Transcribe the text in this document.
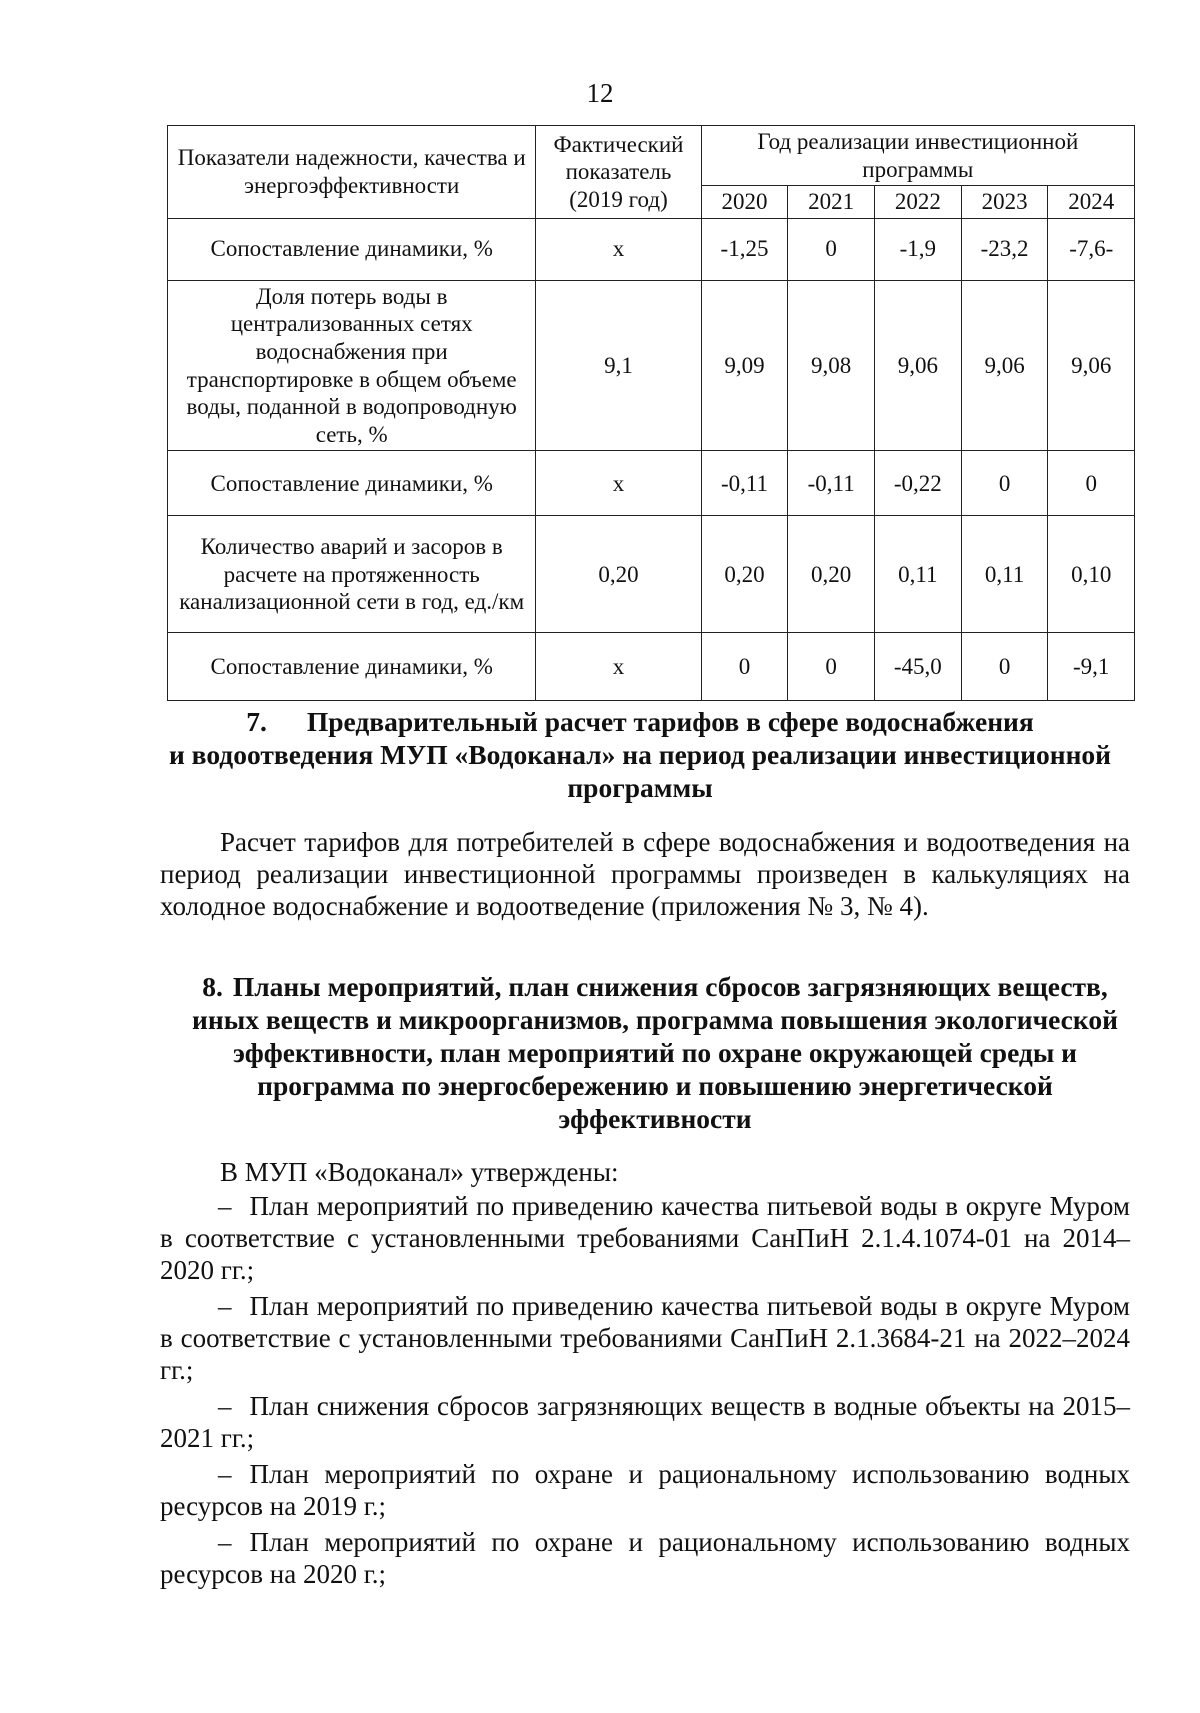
12
Показатели надежности, качества и энергоэффективности	Фактический показатель (2019 год)	Год реализации инвестиционной программы				
		2020	2021	2022	2023	2024
Сопоставление динамики, %	х	-1,25	0	-1,9	-23,2	-7,6-
Доля потерь воды в централизованных сетях водоснабжения при транспортировке в общем объеме воды, поданной в водопроводную сеть, %	9,1	9,09	9,08	9,06	9,06	9,06
Сопоставление динамики, %	х	-0,11	-0,11	-0,22	0	0
Количество аварий и засоров в расчете на протяженность канализационной сети в год, ед./км	0,20	0,20	0,20	0,11	0,11	0,10
Сопоставление динамики, %	х	0	0	-45,0	0	-9,1
7. Предварительный расчет тарифов в сфере водоснабжения
и водоотведения МУП «Водоканал» на период реализации инвестиционной программы
Расчет тарифов для потребителей в сфере водоснабжения и водоотведения на период реализации инвестиционной программы произведен в калькуляциях на холодное водоснабжение и водоотведение (приложения № 3, № 4).
8. Планы мероприятий, план снижения сбросов загрязняющих веществ, иных веществ и микроорганизмов, программа повышения экологической эффективности, план мероприятий по охране окружающей среды и программа по энергосбережению и повышению энергетической эффективности
В МУП «Водоканал» утверждены:
– План мероприятий по приведению качества питьевой воды в округе Муром в соответствие с установленными требованиями СанПиН 2.1.4.1074-01 на 2014–2020 гг.;
– План мероприятий по приведению качества питьевой воды в округе Муром в соответствие с установленными требованиями СанПиН 2.1.3684-21 на 2022–2024 гг.;
– План снижения сбросов загрязняющих веществ в водные объекты на 2015–2021 гг.;
– План мероприятий по охране и рациональному использованию водных ресурсов на 2019 г.;
– План мероприятий по охране и рациональному использованию водных ресурсов на 2020 г.;
